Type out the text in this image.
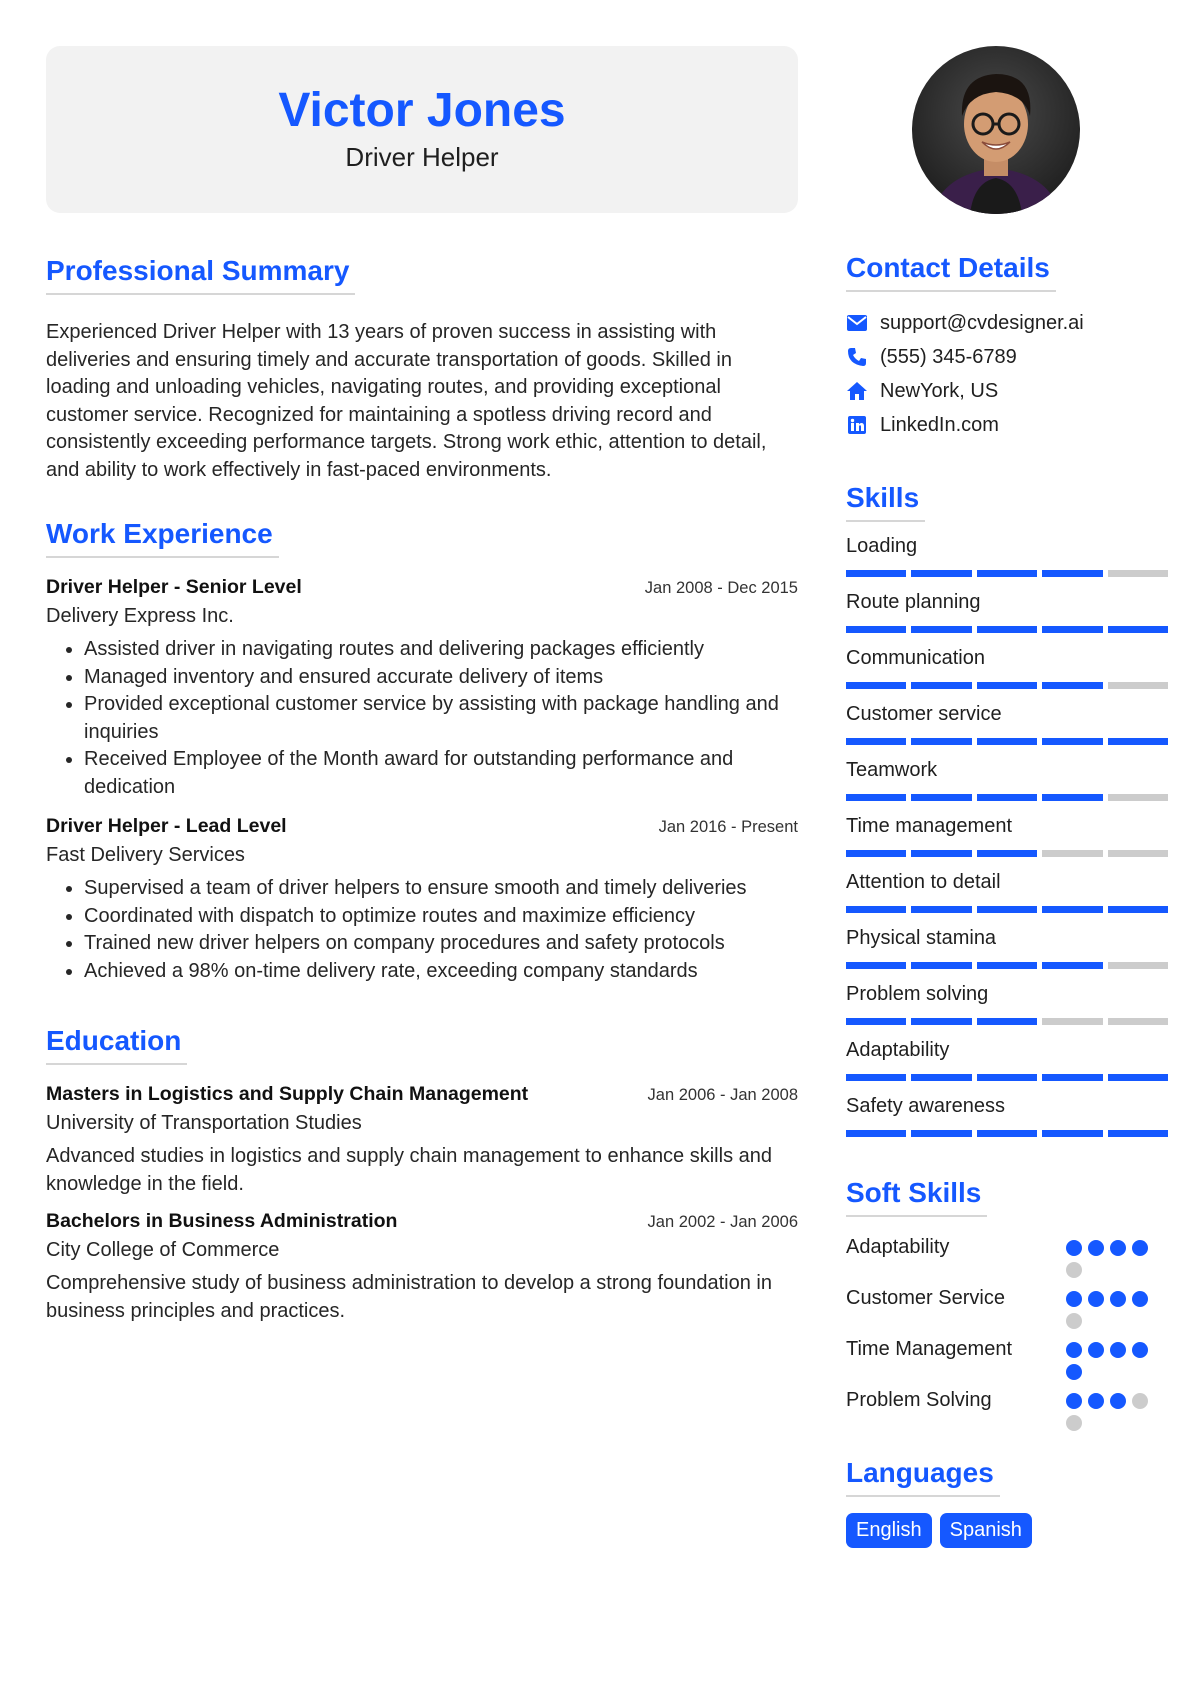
Victor Jones
Driver Helper
Professional Summary
Experienced Driver Helper with 13 years of proven success in assisting with deliveries and ensuring timely and accurate transportation of goods. Skilled in loading and unloading vehicles, navigating routes, and providing exceptional customer service. Recognized for maintaining a spotless driving record and consistently exceeding performance targets. Strong work ethic, attention to detail, and ability to work effectively in fast-paced environments.
Work Experience
Driver Helper - Senior Level	Jan 2008 - Dec 2015
Delivery Express Inc.
• Assisted driver in navigating routes and delivering packages efficiently
• Managed inventory and ensured accurate delivery of items
• Provided exceptional customer service by assisting with package handling and inquiries
• Received Employee of the Month award for outstanding performance and dedication
Driver Helper - Lead Level	Jan 2016 - Present
Fast Delivery Services
• Supervised a team of driver helpers to ensure smooth and timely deliveries
• Coordinated with dispatch to optimize routes and maximize efficiency
• Trained new driver helpers on company procedures and safety protocols
• Achieved a 98% on-time delivery rate, exceeding company standards
Education
Masters in Logistics and Supply Chain Management	Jan 2006 - Jan 2008
University of Transportation Studies
Advanced studies in logistics and supply chain management to enhance skills and knowledge in the field.
Bachelors in Business Administration	Jan 2002 - Jan 2006
City College of Commerce
Comprehensive study of business administration to develop a strong foundation in business principles and practices.
Contact Details
support@cvdesigner.ai
(555) 345-6789
NewYork, US
LinkedIn.com
Skills
Loading
Route planning
Communication
Customer service
Teamwork
Time management
Attention to detail
Physical stamina
Problem solving
Adaptability
Safety awareness
Soft Skills
Adaptability
Customer Service
Time Management
Problem Solving
Languages
English	Spanish
